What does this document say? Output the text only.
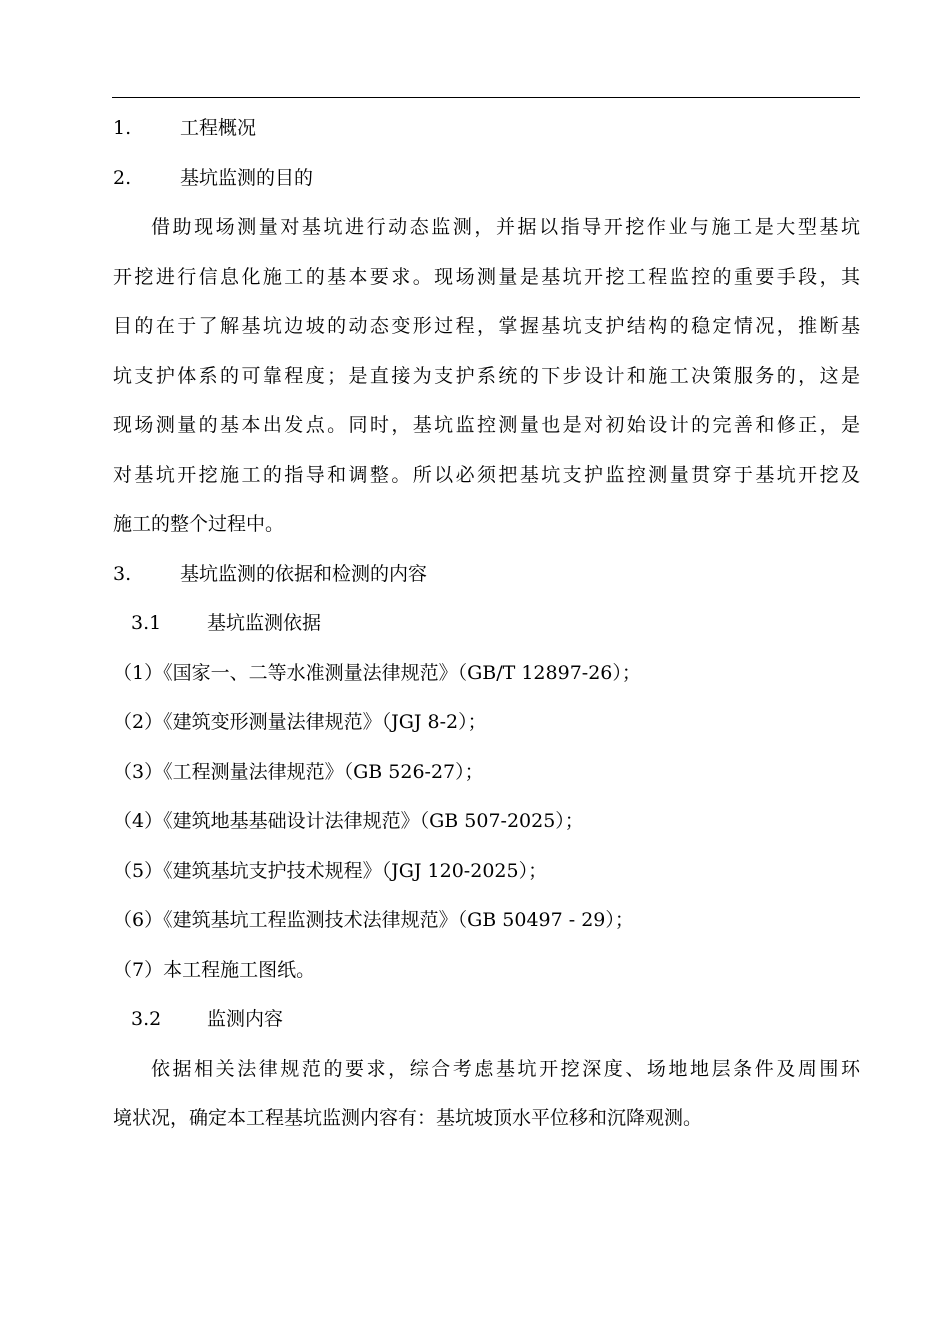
1.	工程概况
2.	基坑监测的目的
借助现场测量对基坑进行动态监测，并据以指导开挖作业与施工是大型基坑
开挖进行信息化施工的基本要求。现场测量是基坑开挖工程监控的重要手段，其
目的在于了解基坑边坡的动态变形过程，掌握基坑支护结构的稳定情况，推断基
坑支护体系的可靠程度；是直接为支护系统的下步设计和施工决策服务的，这是
现场测量的基本出发点。同时，基坑监控测量也是对初始设计的完善和修正，是
对基坑开挖施工的指导和调整。所以必须把基坑支护监控测量贯穿于基坑开挖及
施工的整个过程中。
3.	基坑监测的依据和检测的内容
3.1 基坑监测依据
（1）《国家一、二等水准测量法律规范》（GB/T 12897-26）；
（2）《建筑变形测量法律规范》（JGJ 8-2）；
（3）《工程测量法律规范》（GB 526-27）；
（4）《建筑地基基础设计法律规范》（GB 507-2025）；
（5）《建筑基坑支护技术规程》（JGJ 120-2025）；
（6）《建筑基坑工程监测技术法律规范》（GB 50497 - 29）；
（7）本工程施工图纸。
3.2 监测内容
依据相关法律规范的要求，综合考虑基坑开挖深度、场地地层条件及周围环
境状况，确定本工程基坑监测内容有：基坑坡顶水平位移和沉降观测。
